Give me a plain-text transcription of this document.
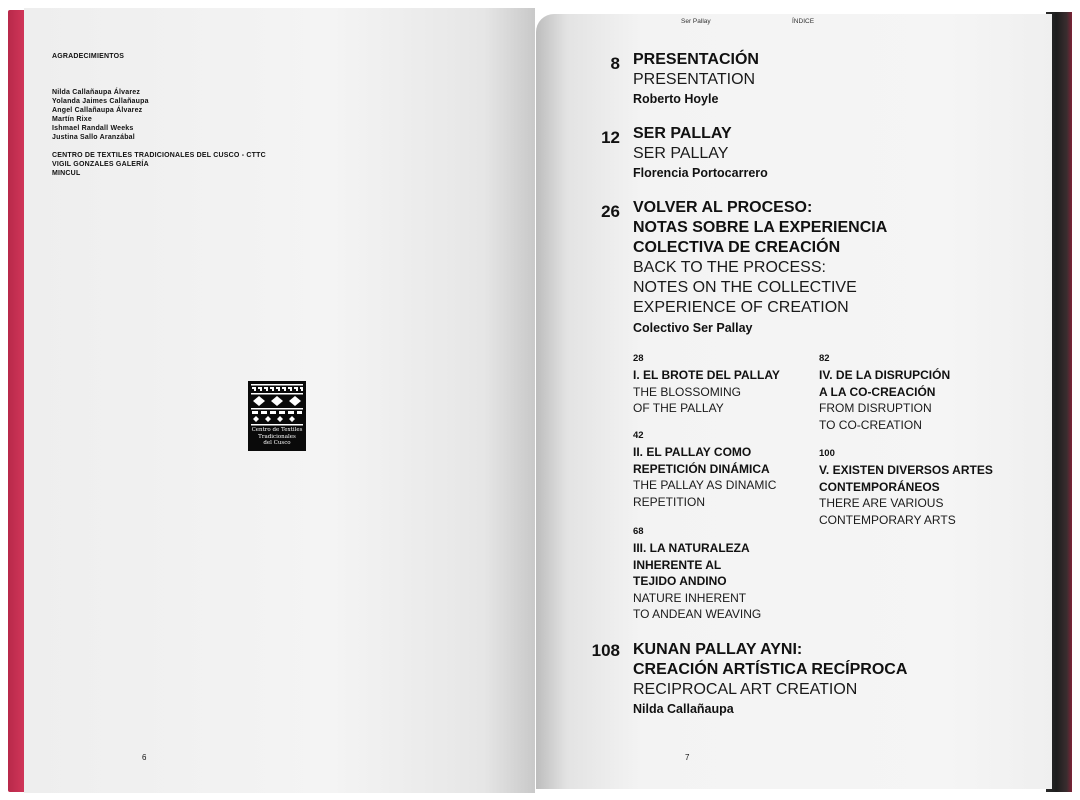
AGRADECIMIENTOS
Nilda Callañaupa Álvarez
Yolanda Jaimes Callañaupa
Angel Callañaupa Álvarez
Martín Rixe
Ishmael Randall Weeks
Justina Sallo Aranzábal
CENTRO DE TEXTILES TRADICIONALES DEL CUSCO - CTTC
VIGIL GONZALES GALERÍA
MINCUL
Centro de Textiles
Tradicionales
del Cusco
6
Ser Pallay	ÍNDICE
8 PRESENTACIÓN
PRESENTATION
Roberto Hoyle
12 SER PALLAY
SER PALLAY
Florencia Portocarrero
26 VOLVER AL PROCESO:
NOTAS SOBRE LA EXPERIENCIA
COLECTIVA DE CREACIÓN
BACK TO THE PROCESS:
NOTES ON THE COLLECTIVE
EXPERIENCE OF CREATION
Colectivo Ser Pallay
28
I. EL BROTE DEL PALLAY
THE BLOSSOMING
OF THE PALLAY
42
II. EL PALLAY COMO
REPETICIÓN DINÁMICA
THE PALLAY AS DINAMIC
REPETITION
68
III. LA NATURALEZA
INHERENTE AL
TEJIDO ANDINO
NATURE INHERENT
TO ANDEAN WEAVING
82
IV. DE LA DISRUPCIÓN
A LA CO-CREACIÓN
FROM DISRUPTION
TO CO-CREATION
100
V. EXISTEN DIVERSOS ARTES
CONTEMPORÁNEOS
THERE ARE VARIOUS
CONTEMPORARY ARTS
108 KUNAN PALLAY AYNI:
CREACIÓN ARTÍSTICA RECÍPROCA
RECIPROCAL ART CREATION
Nilda Callañaupa
7
